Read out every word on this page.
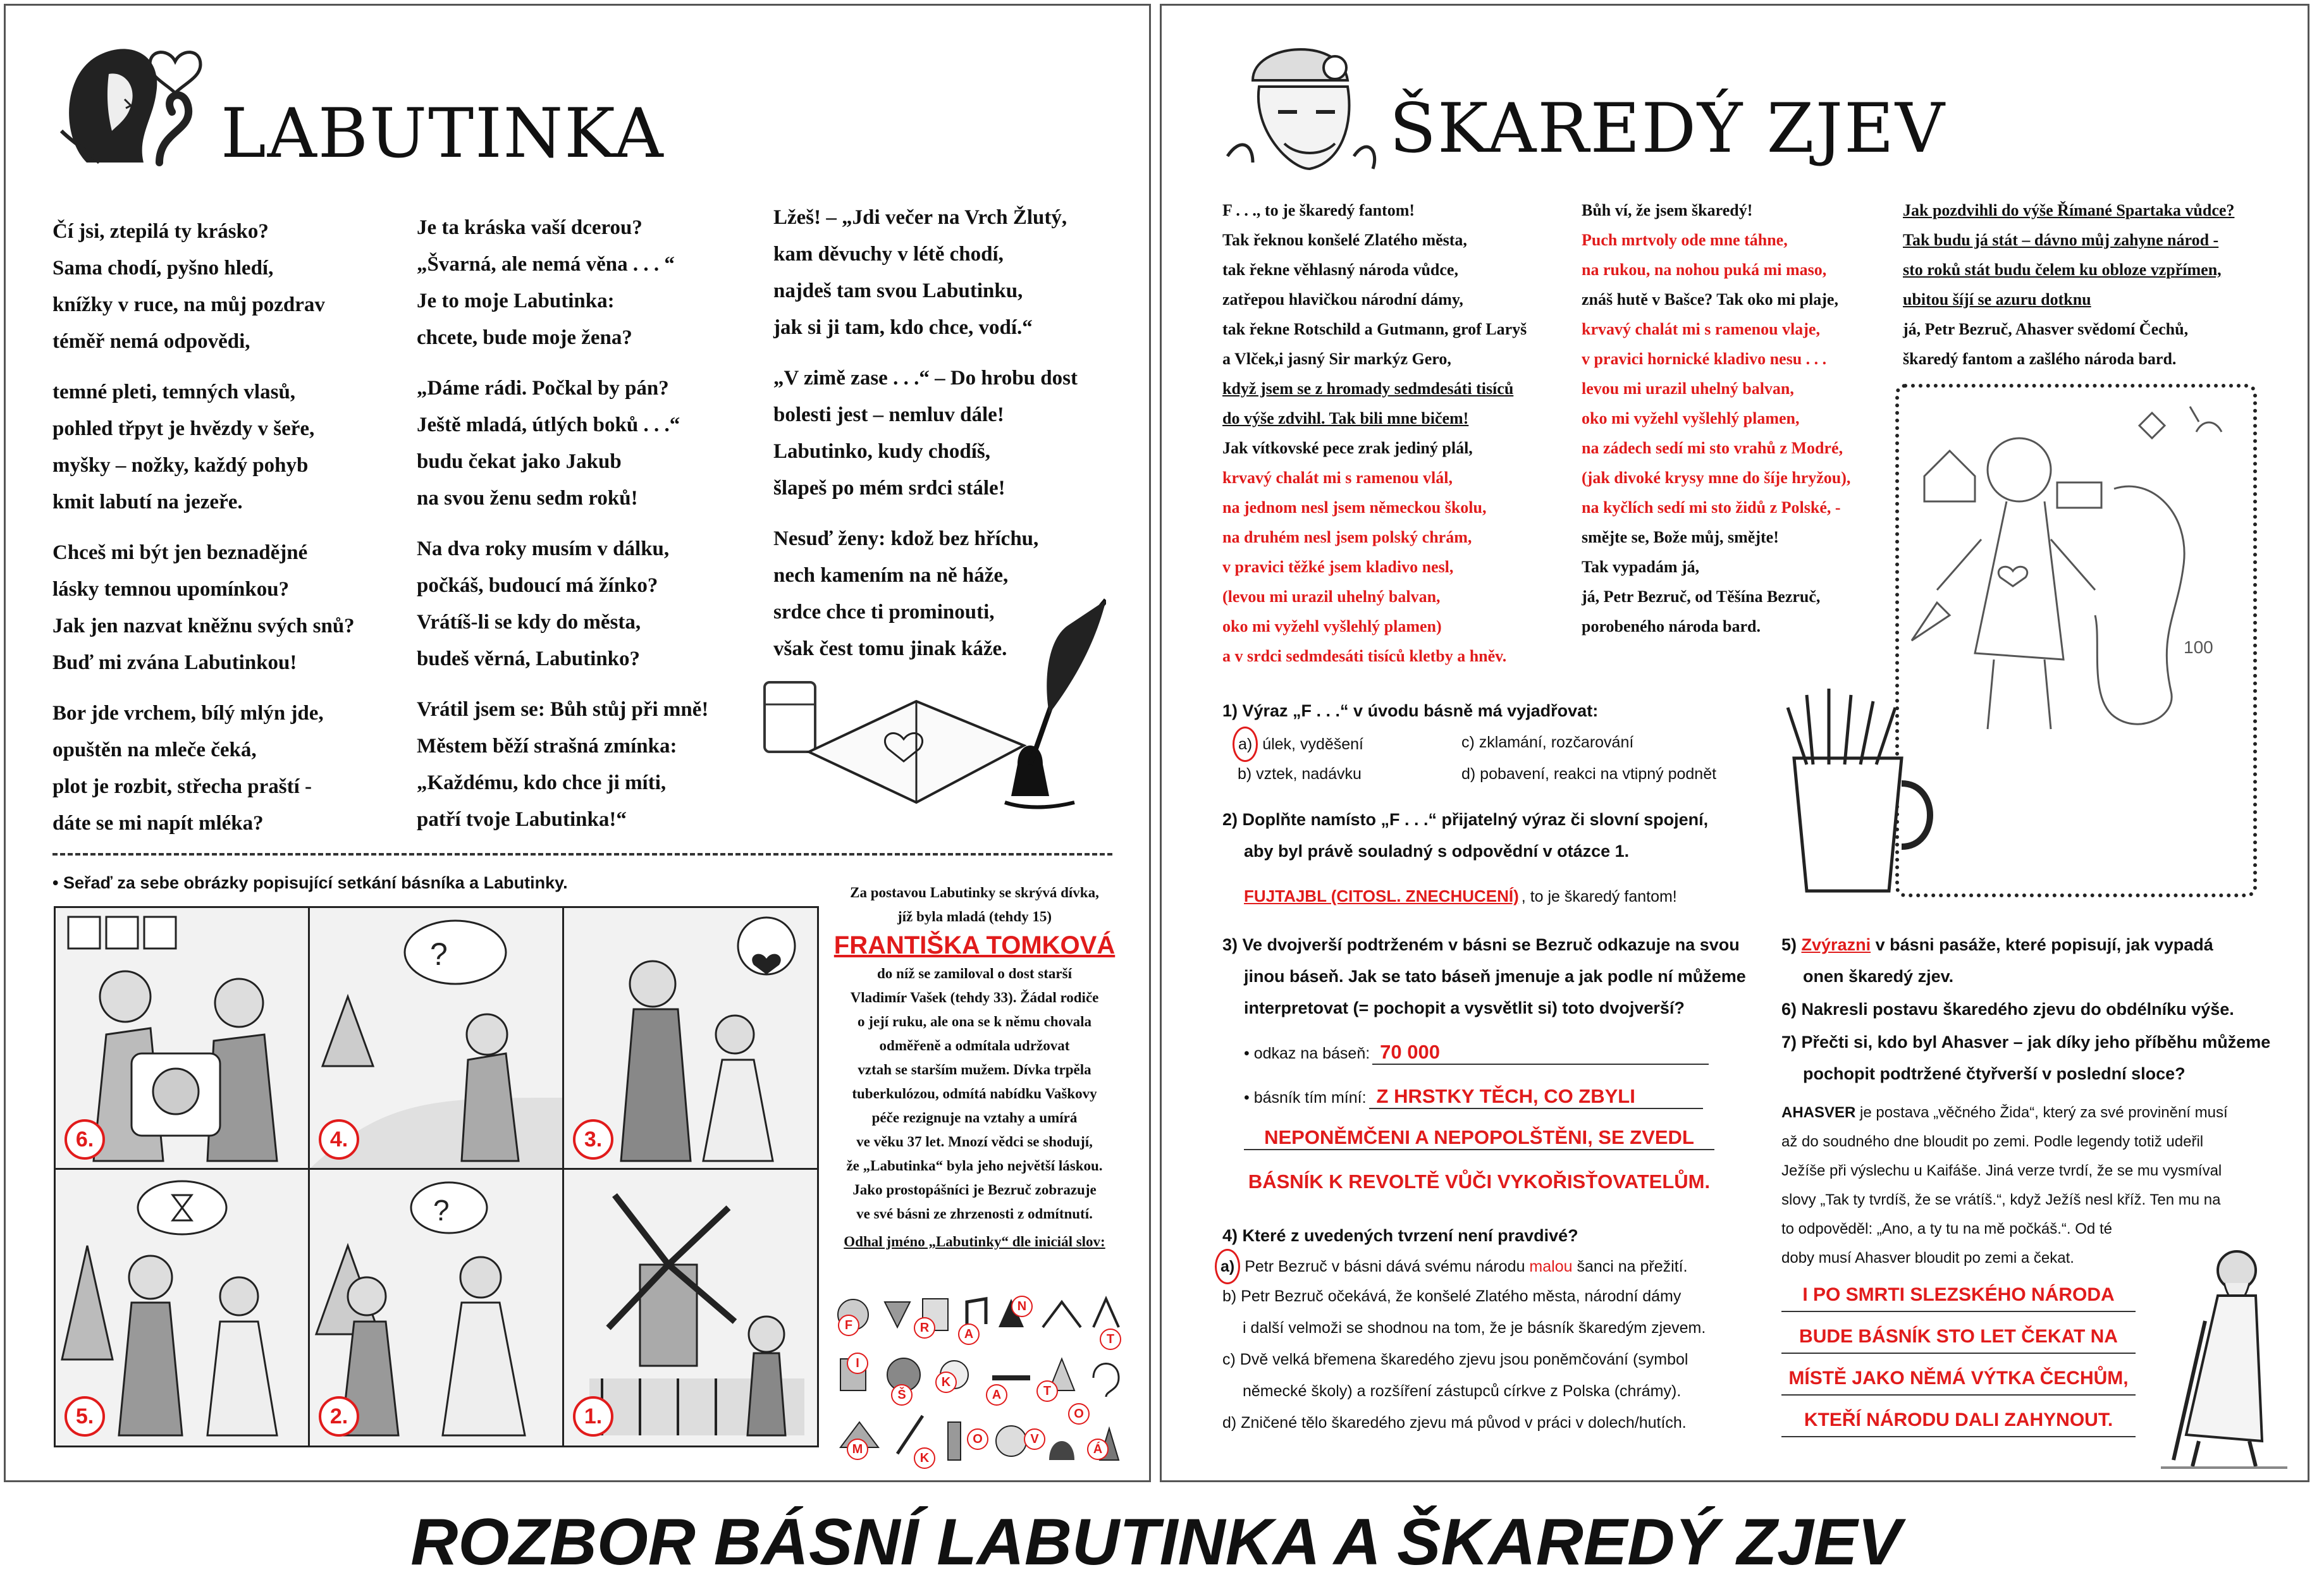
LABUTINKA
Čí jsi, ztepilá ty krásko?
Sama chodí, pyšno hledí,
knížky v ruce, na můj pozdrav
téměř nemá odpovědi,
temné pleti, temných vlasů,
pohled třpyt je hvězdy v šeře,
myšky – nožky, každý pohyb
kmit labutí na jezeře.
Chceš mi být jen beznadějné
lásky temnou upomínkou?
Jak jen nazvat kněžnu svých snů?
Buď mi zvána Labutinkou!
Bor jde vrchem, bílý mlýn jde,
opuštěn na mleče čeká,
plot je rozbit, střecha praští -
dáte se mi napít mléka?
Je ta kráska vaší dcerou?
„Švarná, ale nemá věna . . . “
Je to moje Labutinka:
chcete, bude moje žena?
„Dáme rádi. Počkal by pán?
Ještě mladá, útlých boků . . .“
budu čekat jako Jakub
na svou ženu sedm roků!
Na dva roky musím v dálku,
počkáš, budoucí má žínko?
Vrátíš-li se kdy do města,
budeš věrná, Labutinko?
Vrátil jsem se: Bůh stůj při mně!
Městem běží strašná zmínka:
„Každému, kdo chce ji míti,
patří tvoje Labutinka!“
Lžeš! – „Jdi večer na Vrch Žlutý,
kam děvuchy v létě chodí,
najdeš tam svou Labutinku,
jak si ji tam, kdo chce, vodí.“
„V zimě zase . . .“ – Do hrobu dost
bolesti jest – nemluv dále!
Labutinko, kudy chodíš,
šlapeš po mém srdci stále!
Nesuď ženy: kdož bez hříchu,
nech kamením na ně háže,
srdce chce ti prominouti,
však čest tomu jinak káže.
• Seřaď za sebe obrázky popisující setkání básníka a Labutinky.
6.
?
4.	3.
5.
?
2.	1.
Za postavou Labutinky se skrývá dívka,
jíž byla mladá (tehdy 15)
FRANTIŠKA TOMKOVÁ
do níž se zamiloval o dost starší
Vladimír Vašek (tehdy 33). Žádal rodiče
o její ruku, ale ona se k němu chovala
odměřeně a odmítala udržovat
vztah se starším mužem. Dívka trpěla
tuberkulózou, odmítá nabídku Vaškovy
péče rezignuje na vztahy a umírá
ve věku 37 let. Mnozí vědci se shodují,
že „Labutinka“ byla jeho největší láskou.
Jako prostopášníci je Bezruč zobrazuje
ve své básni ze zhrzenosti z odmítnutí.
Odhal jméno „Labutinky“ dle iniciál slov:
F	R	A
N
T
I
Š
K
A	T
O
M
K
O	V
Á
ŠKAREDÝ ZJEV
F . . ., to je škaredý fantom!
Tak řeknou konšelé Zlatého města,
tak řekne věhlasný národa vůdce,
zatřepou hlavičkou národní dámy,
tak řekne Rotschild a Gutmann, grof Laryš
a Vlček,i jasný Sir markýz Gero,
když jsem se z hromady sedmdesáti tisíců
do výše zdvihl. Tak bili mne bičem!
Jak vítkovské pece zrak jediný plál,
krvavý chalát mi s ramenou vlál,
na jednom nesl jsem německou školu,
na druhém nesl jsem polský chrám,
v pravici těžké jsem kladivo nesl,
(levou mi urazil uhelný balvan,
oko mi vyžehl vyšlehlý plamen)
a v srdci sedmdesáti tisíců kletby a hněv.
Bůh ví, že jsem škaredý!
Puch mrtvoly ode mne táhne,
na rukou, na nohou puká mi maso,
znáš hutě v Bašce? Tak oko mi plaje,
krvavý chalát mi s ramenou vlaje,
v pravici hornické kladivo nesu . . .
levou mi urazil uhelný balvan,
oko mi vyžehl vyšlehlý plamen,
na zádech sedí mi sto vrahů z Modré,
(jak divoké krysy mne do šíje hryžou),
na kyčlích sedí mi sto židů z Polské, -
smějte se, Bože můj, smějte!
Tak vypadám já,
já, Petr Bezruč, od Těšína Bezruč,
porobeného národa bard.
Jak pozdvihli do výše Římané Spartaka vůdce?
Tak budu já stát – dávno můj zahyne národ -
sto roků stát budu čelem ku obloze vzpřímen,
ubitou šíjí se azuru dotknu
já, Petr Bezruč, Ahasver svědomí Čechů,
škaredý fantom a zašlého národa bard.
100
1) Výraz „F . . .“ v úvodu básně má vyjadřovat:
a) úlek, vyděšení	c) zklamání, rozčarování
b) vztek, nadávku	d) pobavení, reakci na vtipný podnět
2) Doplňte namísto „F . . .“ přijatelný výraz či slovní spojení,
aby byl právě souladný s odpovědní v otázce 1.
FUJTAJBL (CITOSL. ZNECHUCENÍ) , to je škaredý fantom!
3) Ve dvojverší podtrženém v básni se Bezruč odkazuje na svou
jinou báseň. Jak se tato báseň jmenuje a jak podle ní můžeme
interpretovat (= pochopit a vysvětlit si) toto dvojverší?
• odkaz na báseň: 70 000
• básník tím míní: Z HRSTKY TĚCH, CO ZBYLI
NEPONĚMČENI A NEPOPOLŠTĚNI, SE ZVEDL
BÁSNÍK K REVOLTĚ VŮČI VYKOŘISŤOVATELŮM.
4) Které z uvedených tvrzení není pravdivé?
a) Petr Bezruč v básni dává svému národu malou šanci na přežití.
b) Petr Bezruč očekává, že konšelé Zlatého města, národní dámy
i další velmoži se shodnou na tom, že je básník škaredým zjevem.
c) Dvě velká břemena škaredého zjevu jsou poněmčování (symbol
německé školy) a rozšíření zástupců církve z Polska (chrámy).
d) Zničené tělo škaredého zjevu má původ v práci v dolech/hutích.
5) Zvýrazni v básni pasáže, které popisují, jak vypadá
onen škaredý zjev.
6) Nakresli postavu škaredého zjevu do obdélníku výše.
7) Přečti si, kdo byl Ahasver – jak díky jeho příběhu můžeme
pochopit podtržené čtyřverší v poslední sloce?
AHASVER je postava „věčného Žida“, který za své provinění musí
až do soudného dne bloudit po zemi. Podle legendy totiž udeřil
Ježíše při výslechu u Kaifáše. Jiná verze tvrdí, že se mu vysmíval
slovy „Tak ty tvrdíš, že se vrátíš.“, když Ježíš nesl kříž. Ten mu na
to odpověděl: „Ano, a ty tu na mě počkáš.“. Od té
doby musí Ahasver bloudit po zemi a čekat.
I PO SMRTI SLEZSKÉHO NÁRODA
BUDE BÁSNÍK STO LET ČEKAT NA
MÍSTĚ JAKO NĚMÁ VÝTKA ČECHŮM,
KTEŘÍ NÁRODU DALI ZAHYNOUT.
ROZBOR BÁSNÍ LABUTINKA A ŠKAREDÝ ZJEV
